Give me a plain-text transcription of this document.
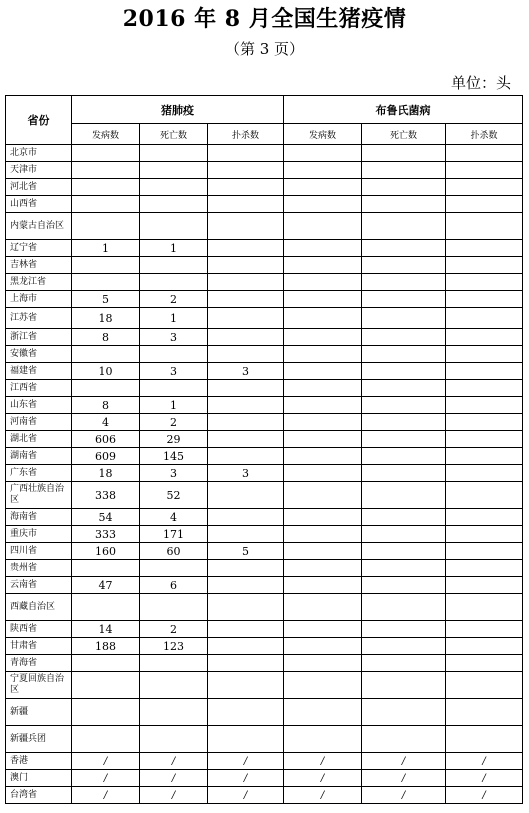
2016 年 8 月全国生猪疫情
（第 3 页）
单位：头
省份	猪肺疫			布鲁氏菌病		
	发病数	死亡数	扑杀数	发病数	死亡数	扑杀数
北京市						
天津市						
河北省						
山西省						
内蒙古自治区						
辽宁省	1	1				
吉林省						
黑龙江省						
上海市	5	2				
江苏省	18	1				
浙江省	8	3				
安徽省						
福建省	10	3	3			
江西省						
山东省	8	1				
河南省	4	2				
湖北省	606	29				
湖南省	609	145				
广东省	18	3	3			
广西壮族自治区	338	52				
海南省	54	4				
重庆市	333	171				
四川省	160	60	5			
贵州省						
云南省	47	6				
西藏自治区						
陕西省	14	2				
甘肃省	188	123				
青海省						
宁夏回族自治区						
新疆						
新疆兵团						
香港	/	/	/	/	/	/
澳门	/	/	/	/	/	/
台湾省	/	/	/	/	/	/
